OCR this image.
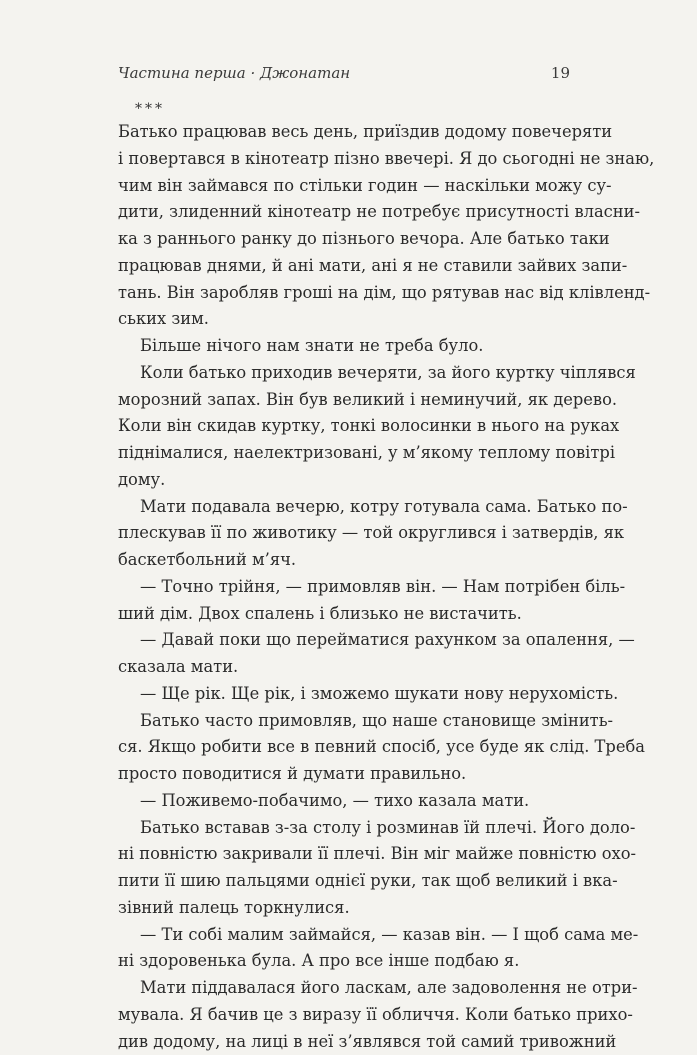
Частина перша · Джонатан	19
***
Батько працював весь день, приїздив додому повечеряти
і повертався в кінотеатр пізно ввечері. Я до сьогодні не знаю,
чим він займався по стільки годин — наскільки можу су-
дити, злиденний кінотеатр не потребує присутності власни-
ка з раннього ранку до пізнього вечора. Але батько таки
працював днями, й ані мати, ані я не ставили зайвих запи-
тань. Він заробляв гроші на дім, що рятував нас від клівленд-
ських зим.
Більше нічого нам знати не треба було.
Коли батько приходив вечеряти, за його куртку чіплявся
морозний запах. Він був великий і неминучий, як дерево.
Коли він скидав куртку, тонкі волосинки в нього на руках
піднімалися, наелектризовані, у м’якому теплому повітрі
дому.
Мати подавала вечерю, котру готувала сама. Батько по-
плескував її по животику — той округлився і затвердів, як
баскетбольний м’яч.
— Точно трійня, — примовляв він. — Нам потрібен біль-
ший дім. Двох спалень і близько не вистачить.
— Давай поки що перейматися рахунком за опалення, —
сказала мати.
— Ще рік. Ще рік, і зможемо шукати нову нерухомість.
Батько часто примовляв, що наше становище змінить-
ся. Якщо робити все в певний спосіб, усе буде як слід. Треба
просто поводитися й думати правильно.
— Поживемо-побачимо, — тихо казала мати.
Батько вставав з-за столу і розминав їй плечі. Його доло-
ні повністю закривали її плечі. Він міг майже повністю охо-
пити її шию пальцями однієї руки, так щоб великий і вка-
зівний палець торкнулися.
— Ти собі малим займайся, — казав він. — І щоб сама ме-
ні здоровенька була. А про все інше подбаю я.
Мати піддавалася його ласкам, але задоволення не отри-
мувала. Я бачив це з виразу її обличчя. Коли батько прихо-
див додому, на лиці в неї з’являвся той самий тривожний
